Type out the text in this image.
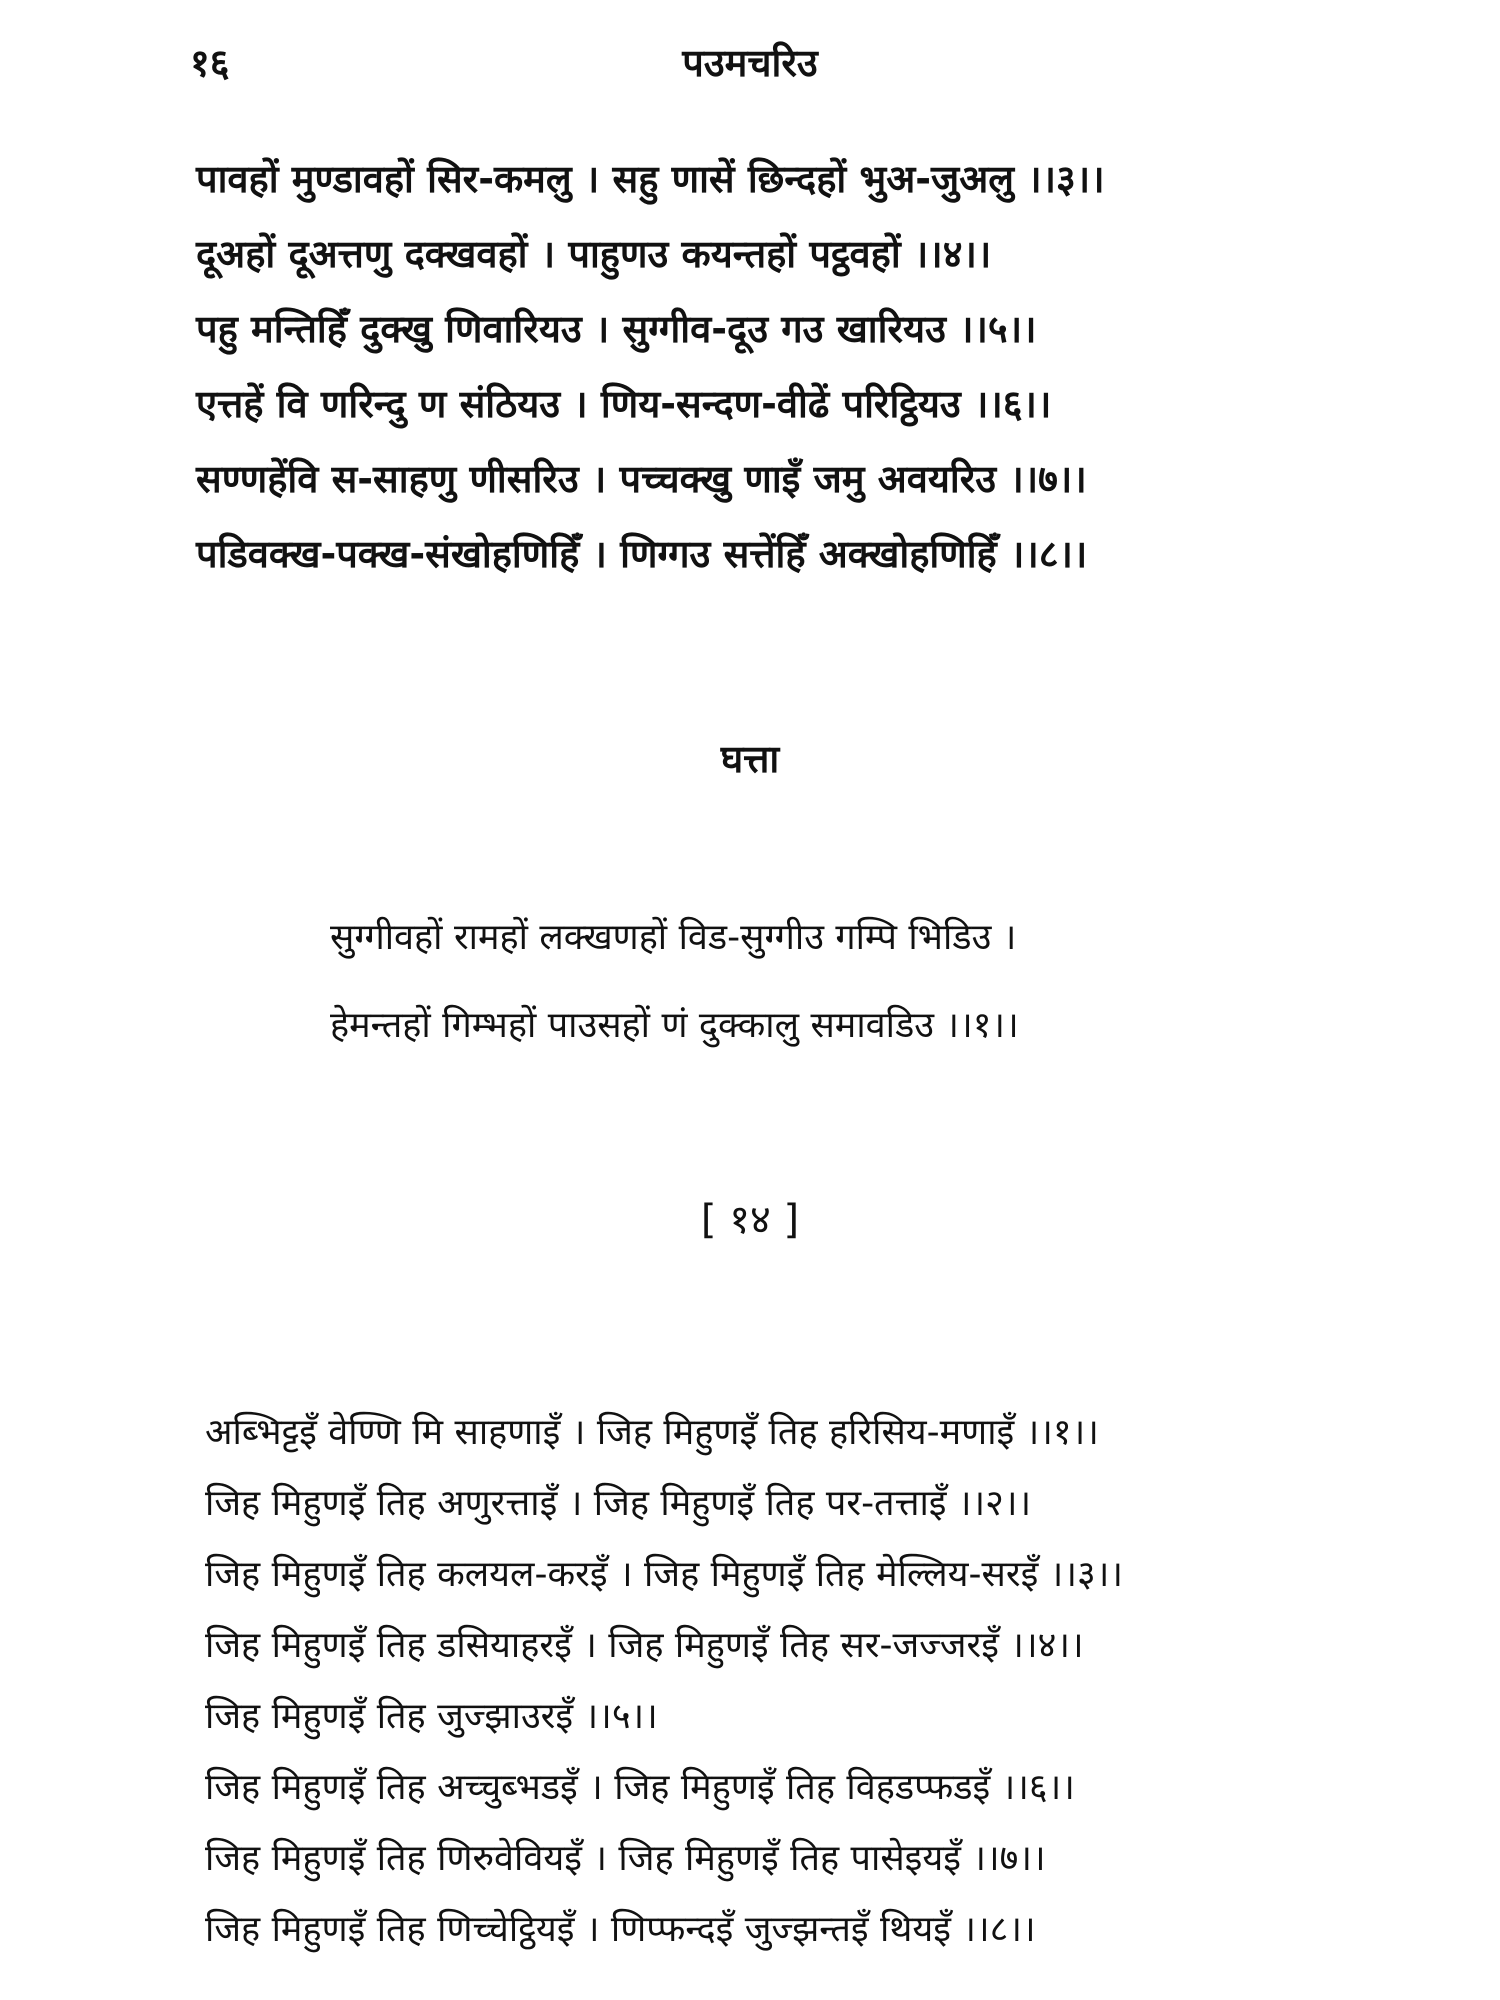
१६	पउमचरिउ
पावहों मुण्डावहों सिर-कमलु । सहु णासें छिन्दहों भुअ-जुअलु ।।३।।
दूअहों दूअत्तणु दक्खवहों । पाहुणउ कयन्तहों पट्ठवहों ।।४।।
पहु मन्तिहिँ दुक्खु णिवारियउ । सुग्गीव-दूउ गउ खारियउ ।।५।।
एत्तहें वि णरिन्दु ण संठियउ । णिय-सन्दण-वीढें परिट्ठियउ ।।६।।
सण्णहेंवि स-साहणु णीसरिउ । पच्चक्खु णाइँ जमु अवयरिउ ।।७।।
पडिवक्ख-पक्ख-संखोहणिहिँ । णिग्गउ सत्तेंहिँ अक्खोहणिहिँ ।।८।।
घत्ता
सुग्गीवहों रामहों लक्खणहों विड-सुग्गीउ गम्पि भिडिउ ।
हेमन्तहों गिम्भहों पाउसहों णं दुक्कालु समावडिउ ।।१।।
[ १४ ]
अब्भिट्टइँ वेण्णि मि साहणाइँ । जिह मिहुणइँ तिह हरिसिय-मणाइँ ।।१।।
जिह मिहुणइँ तिह अणुरत्ताइँ । जिह मिहुणइँ तिह पर-तत्ताइँ ।।२।।
जिह मिहुणइँ तिह कलयल-करइँ । जिह मिहुणइँ तिह मेल्लिय-सरइँ ।।३।।
जिह मिहुणइँ तिह डसियाहरइँ । जिह मिहुणइँ तिह सर-जज्जरइँ ।।४।।
जिह मिहुणइँ तिह जुज्झाउरइँ ।।५।।
जिह मिहुणइँ तिह अच्चुब्भडइँ । जिह मिहुणइँ तिह विहडप्फडइँ ।।६।।
जिह मिहुणइँ तिह णिरुवेवियइँ । जिह मिहुणइँ तिह पासेइयइँ ।।७।।
जिह मिहुणइँ तिह णिच्चेट्ठियइँ । णिप्फन्दइँ जुज्झन्तइँ थियइँ ।।८।।
